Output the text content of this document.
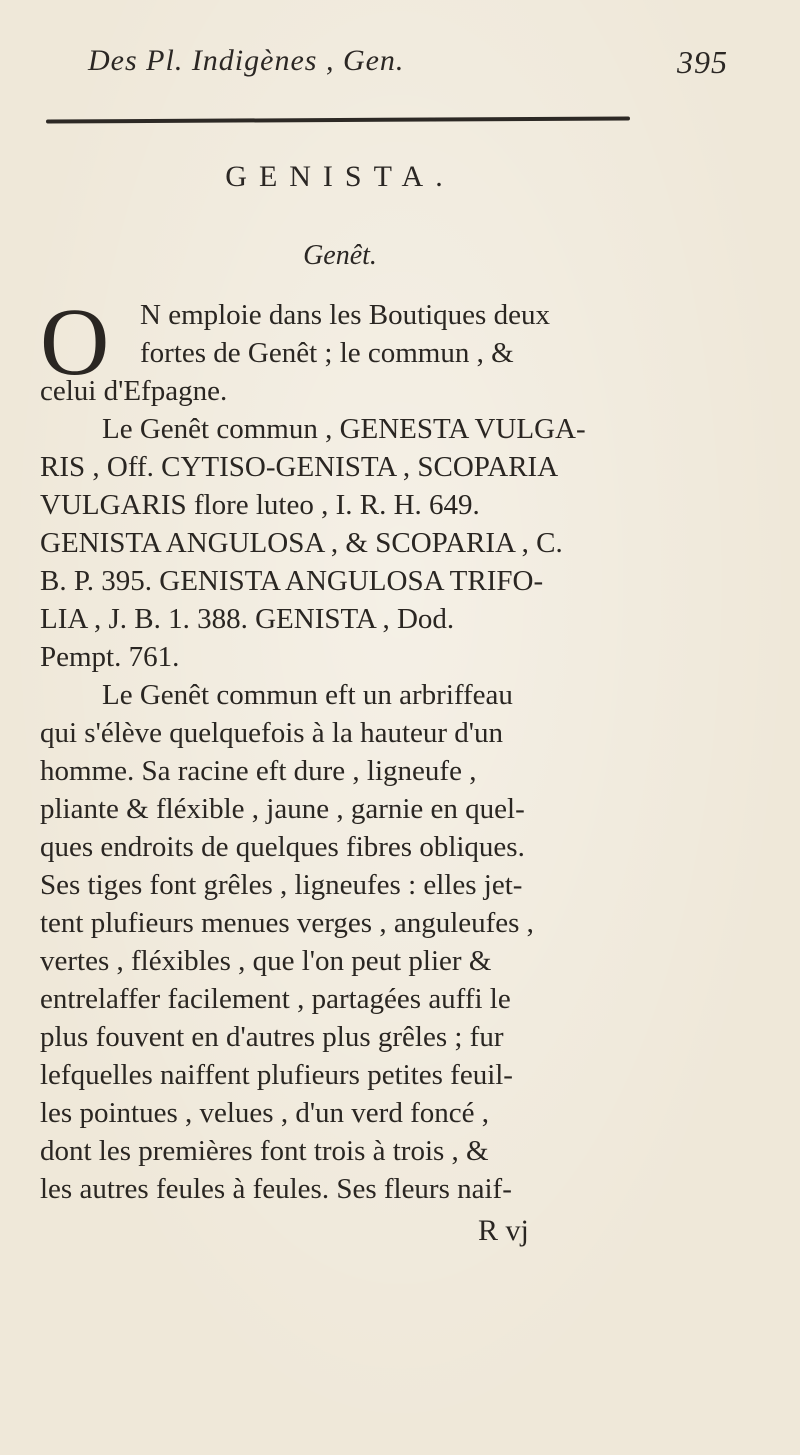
Des Pl. Indigènes , Gen.	395
GENISTA.
Genêt.
O	N emploie dans les Boutiques deux
fortes de Genêt ; le commun , &
celui d'Efpagne.
Le Genêt commun , GENESTA VULGA-
RIS , Off. CYTISO-GENISTA , SCOPARIA
VULGARIS flore luteo , I. R. H. 649.
GENISTA ANGULOSA , & SCOPARIA , C.
B. P. 395. GENISTA ANGULOSA TRIFO-
LIA , J. B. 1. 388. GENISTA , Dod.
Pempt. 761.
Le Genêt commun eft un arbriffeau
qui s'élève quelquefois à la hauteur d'un
homme. Sa racine eft dure , ligneufe ,
pliante & fléxible , jaune , garnie en quel-
ques endroits de quelques fibres obliques.
Ses tiges font grêles , ligneufes : elles jet-
tent plufieurs menues verges , anguleufes ,
vertes , fléxibles , que l'on peut plier &
entrelaffer facilement , partagées auffi le
plus fouvent en d'autres plus grêles ; fur
lefquelles naiffent plufieurs petites feuil-
les pointues , velues , d'un verd foncé ,
dont les premières font trois à trois , &
les autres feules à feules. Ses fleurs naif-
R vj
